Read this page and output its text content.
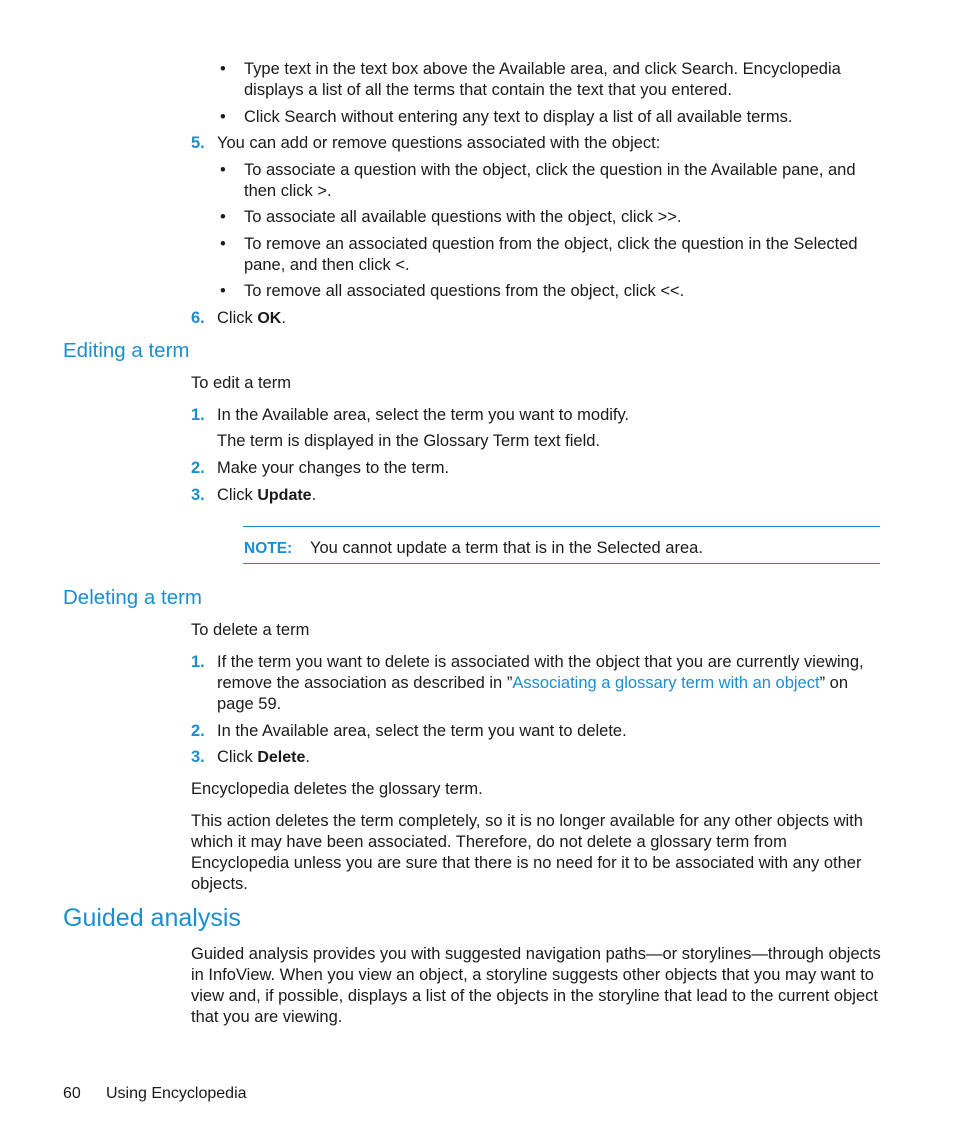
• Type text in the text box above the Available area, and click Search. Encyclopedia displays a list of all the terms that contain the text that you entered.
• Click Search without entering any text to display a list of all available terms.
5. You can add or remove questions associated with the object:
• To associate a question with the object, click the question in the Available pane, and then click >.
• To associate all available questions with the object, click >>.
• To remove an associated question from the object, click the question in the Selected pane, and then click <.
• To remove all associated questions from the object, click <<.
6. Click OK.
Editing a term
To edit a term
1. In the Available area, select the term you want to modify.
The term is displayed in the Glossary Term text field.
2. Make your changes to the term.
3. Click Update.
NOTE: You cannot update a term that is in the Selected area.
Deleting a term
To delete a term
1. If the term you want to delete is associated with the object that you are currently viewing, remove the association as described in ”Associating a glossary term with an object” on page 59.
2. In the Available area, select the term you want to delete.
3. Click Delete.
Encyclopedia deletes the glossary term.
This action deletes the term completely, so it is no longer available for any other objects with which it may have been associated. Therefore, do not delete a glossary term from Encyclopedia unless you are sure that there is no need for it to be associated with any other objects.
Guided analysis
Guided analysis provides you with suggested navigation paths—or storylines—through objects in InfoView. When you view an object, a storyline suggests other objects that you may want to view and, if possible, displays a list of the objects in the storyline that lead to the current object that you are viewing.
60 Using Encyclopedia
